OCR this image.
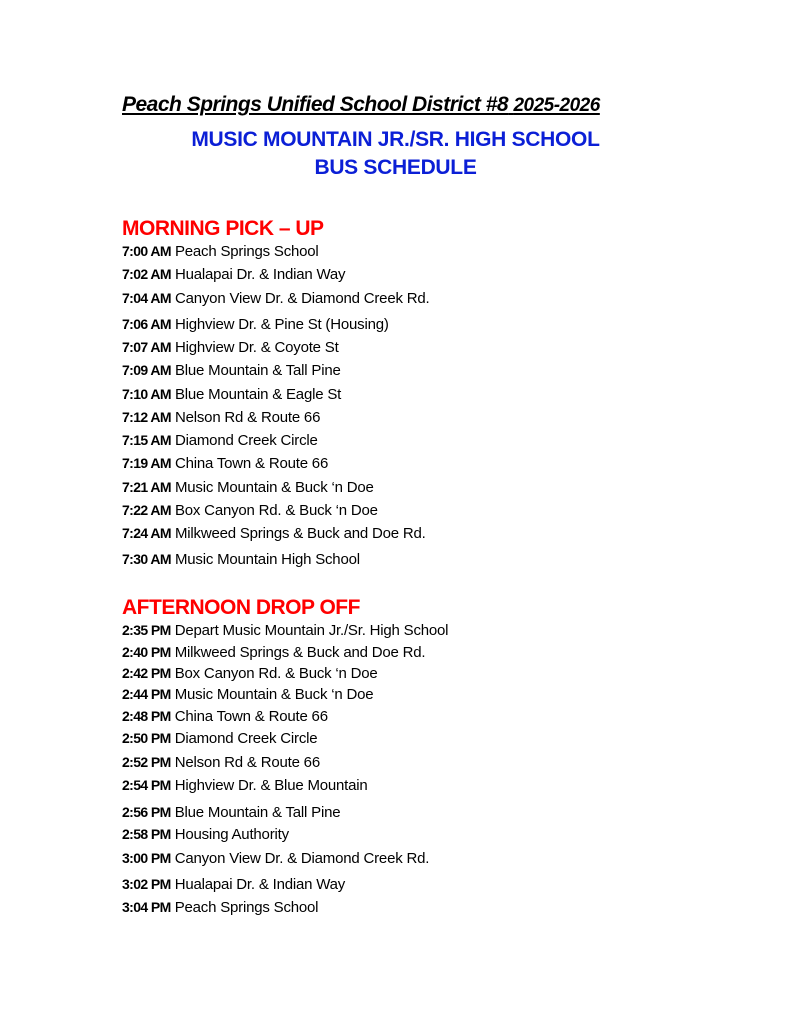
Peach Springs Unified School District #8 2025-2026
MUSIC MOUNTAIN JR./SR. HIGH SCHOOL
BUS SCHEDULE
MORNING PICK – UP
7:00 AM Peach Springs School
7:02 AM Hualapai Dr. & Indian Way
7:04 AM Canyon View Dr. & Diamond Creek Rd.
7:06 AM Highview Dr. & Pine St (Housing)
7:07 AM Highview Dr. & Coyote St
7:09 AM Blue Mountain & Tall Pine
7:10 AM Blue Mountain & Eagle St
7:12 AM Nelson Rd & Route 66
7:15 AM Diamond Creek Circle
7:19 AM China Town & Route 66
7:21 AM Music Mountain & Buck ‘n Doe
7:22 AM Box Canyon Rd. & Buck ‘n Doe
7:24 AM Milkweed Springs & Buck and Doe Rd.
7:30 AM Music Mountain High School
AFTERNOON DROP OFF
2:35 PM Depart Music Mountain Jr./Sr. High School
2:40 PM Milkweed Springs & Buck and Doe Rd.
2:42 PM Box Canyon Rd. & Buck ‘n Doe
2:44 PM Music Mountain & Buck ‘n Doe
2:48 PM China Town & Route 66
2:50 PM Diamond Creek Circle
2:52 PM Nelson Rd & Route 66
2:54 PM Highview Dr. & Blue Mountain
2:56 PM Blue Mountain & Tall Pine
2:58 PM Housing Authority
3:00 PM Canyon View Dr. & Diamond Creek Rd.
3:02 PM Hualapai Dr. & Indian Way
3:04 PM Peach Springs School
